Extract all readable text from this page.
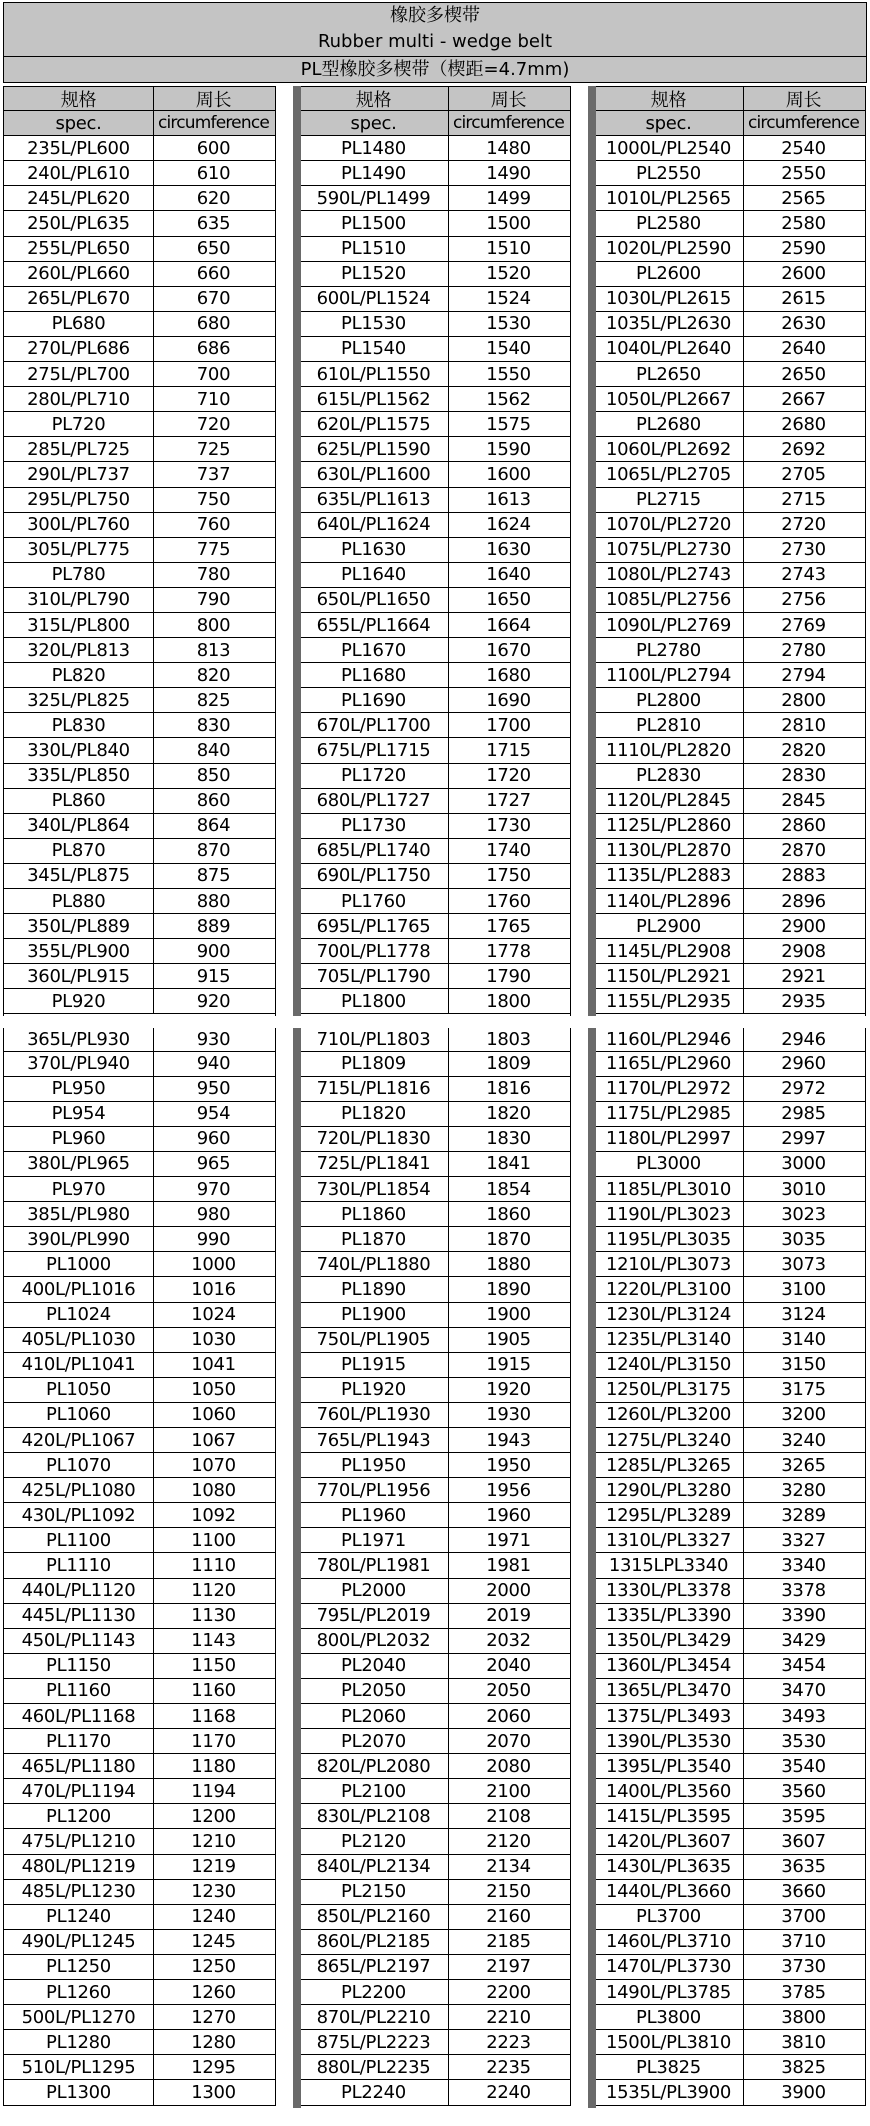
橡胶多楔带
Rubber multi - wedge belt
PL型橡胶多楔带（楔距=4.7mm)
规格	周长
spec.	circumference
235L/PL600	600
240L/PL610	610
245L/PL620	620
250L/PL635	635
255L/PL650	650
260L/PL660	660
265L/PL670	670
PL680	680
270L/PL686	686
275L/PL700	700
280L/PL710	710
PL720	720
285L/PL725	725
290L/PL737	737
295L/PL750	750
300L/PL760	760
305L/PL775	775
PL780	780
310L/PL790	790
315L/PL800	800
320L/PL813	813
PL820	820
325L/PL825	825
PL830	830
330L/PL840	840
335L/PL850	850
PL860	860
340L/PL864	864
PL870	870
345L/PL875	875
PL880	880
350L/PL889	889
355L/PL900	900
360L/PL915	915
PL920	920
365L/PL930	930
370L/PL940	940
PL950	950
PL954	954
PL960	960
380L/PL965	965
PL970	970
385L/PL980	980
390L/PL990	990
PL1000	1000
400L/PL1016	1016
PL1024	1024
405L/PL1030	1030
410L/PL1041	1041
PL1050	1050
PL1060	1060
420L/PL1067	1067
PL1070	1070
425L/PL1080	1080
430L/PL1092	1092
PL1100	1100
PL1110	1110
440L/PL1120	1120
445L/PL1130	1130
450L/PL1143	1143
PL1150	1150
PL1160	1160
460L/PL1168	1168
PL1170	1170
465L/PL1180	1180
470L/PL1194	1194
PL1200	1200
475L/PL1210	1210
480L/PL1219	1219
485L/PL1230	1230
PL1240	1240
490L/PL1245	1245
PL1250	1250
PL1260	1260
500L/PL1270	1270
PL1280	1280
510L/PL1295	1295
PL1300	1300
规格	周长
spec.	circumference
PL1480	1480
PL1490	1490
590L/PL1499	1499
PL1500	1500
PL1510	1510
PL1520	1520
600L/PL1524	1524
PL1530	1530
PL1540	1540
610L/PL1550	1550
615L/PL1562	1562
620L/PL1575	1575
625L/PL1590	1590
630L/PL1600	1600
635L/PL1613	1613
640L/PL1624	1624
PL1630	1630
PL1640	1640
650L/PL1650	1650
655L/PL1664	1664
PL1670	1670
PL1680	1680
PL1690	1690
670L/PL1700	1700
675L/PL1715	1715
PL1720	1720
680L/PL1727	1727
PL1730	1730
685L/PL1740	1740
690L/PL1750	1750
PL1760	1760
695L/PL1765	1765
700L/PL1778	1778
705L/PL1790	1790
PL1800	1800
710L/PL1803	1803
PL1809	1809
715L/PL1816	1816
PL1820	1820
720L/PL1830	1830
725L/PL1841	1841
730L/PL1854	1854
PL1860	1860
PL1870	1870
740L/PL1880	1880
PL1890	1890
PL1900	1900
750L/PL1905	1905
PL1915	1915
PL1920	1920
760L/PL1930	1930
765L/PL1943	1943
PL1950	1950
770L/PL1956	1956
PL1960	1960
PL1971	1971
780L/PL1981	1981
PL2000	2000
795L/PL2019	2019
800L/PL2032	2032
PL2040	2040
PL2050	2050
PL2060	2060
PL2070	2070
820L/PL2080	2080
PL2100	2100
830L/PL2108	2108
PL2120	2120
840L/PL2134	2134
PL2150	2150
850L/PL2160	2160
860L/PL2185	2185
865L/PL2197	2197
PL2200	2200
870L/PL2210	2210
875L/PL2223	2223
880L/PL2235	2235
PL2240	2240
规格	周长
spec.	circumference
1000L/PL2540	2540
PL2550	2550
1010L/PL2565	2565
PL2580	2580
1020L/PL2590	2590
PL2600	2600
1030L/PL2615	2615
1035L/PL2630	2630
1040L/PL2640	2640
PL2650	2650
1050L/PL2667	2667
PL2680	2680
1060L/PL2692	2692
1065L/PL2705	2705
PL2715	2715
1070L/PL2720	2720
1075L/PL2730	2730
1080L/PL2743	2743
1085L/PL2756	2756
1090L/PL2769	2769
PL2780	2780
1100L/PL2794	2794
PL2800	2800
PL2810	2810
1110L/PL2820	2820
PL2830	2830
1120L/PL2845	2845
1125L/PL2860	2860
1130L/PL2870	2870
1135L/PL2883	2883
1140L/PL2896	2896
PL2900	2900
1145L/PL2908	2908
1150L/PL2921	2921
1155L/PL2935	2935
1160L/PL2946	2946
1165L/PL2960	2960
1170L/PL2972	2972
1175L/PL2985	2985
1180L/PL2997	2997
PL3000	3000
1185L/PL3010	3010
1190L/PL3023	3023
1195L/PL3035	3035
1210L/PL3073	3073
1220L/PL3100	3100
1230L/PL3124	3124
1235L/PL3140	3140
1240L/PL3150	3150
1250L/PL3175	3175
1260L/PL3200	3200
1275L/PL3240	3240
1285L/PL3265	3265
1290L/PL3280	3280
1295L/PL3289	3289
1310L/PL3327	3327
1315LPL3340	3340
1330L/PL3378	3378
1335L/PL3390	3390
1350L/PL3429	3429
1360L/PL3454	3454
1365L/PL3470	3470
1375L/PL3493	3493
1390L/PL3530	3530
1395L/PL3540	3540
1400L/PL3560	3560
1415L/PL3595	3595
1420L/PL3607	3607
1430L/PL3635	3635
1440L/PL3660	3660
PL3700	3700
1460L/PL3710	3710
1470L/PL3730	3730
1490L/PL3785	3785
PL3800	3800
1500L/PL3810	3810
PL3825	3825
1535L/PL3900	3900
